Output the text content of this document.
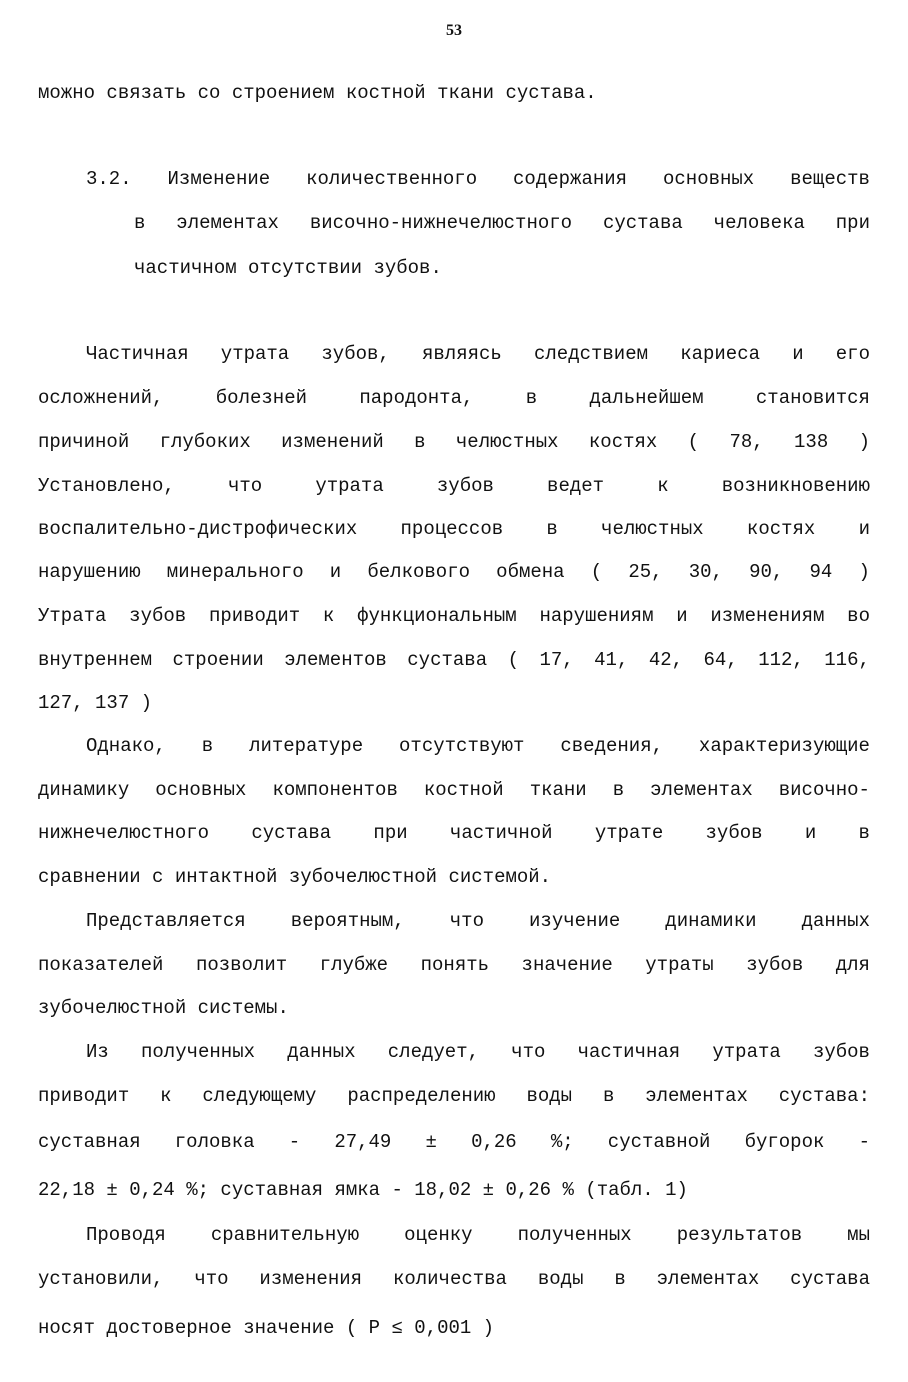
53
можно связать со строением костной ткани сустава.
3.2. Изменение количественного содержания основных веществ
в элементах височно-нижнечелюстного сустава человека при
частичном отсутствии зубов.
Частичная утрата зубов, являясь следствием кариеса и его
осложнений,	болезней	пародонта,	в	дальнейшем	становится
причиной глубоких изменений в челюстных костях ( 78, 138 )
Установлено,	что	утрата	зубов	ведет	к	возникновению
воспалительно-дистрофических процессов в челюстных костях и
нарушению минерального и белкового обмена ( 25, 30, 90, 94 )
Утрата зубов приводит к функциональным нарушениям и изменениям во
внутреннем строении элементов сустава ( 17, 41, 42, 64, 112, 116,
127, 137 )
Однако, в литературе отсутствуют сведения, характеризующие
динамику основных компонентов костной ткани в элементах височно-
нижнечелюстного сустава при частичной утрате зубов и в
сравнении с интактной зубочелюстной системой.
Представляется вероятным, что изучение динамики данных
показателей позволит глубже понять значение утраты зубов для
зубочелюстной системы.
Из полученных данных следует, что частичная утрата зубов
приводит к следующему распределению воды в элементах сустава:
суставная головка - 27,49 ± 0,26 %; суставной бугорок -
22,18 ± 0,24 %; суставная ямка - 18,02 ± 0,26 % (табл. 1)
Проводя сравнительную оценку полученных результатов мы
установили, что изменения количества воды в элементах сустава
носят достоверное значение ( P ≤ 0,001 )
